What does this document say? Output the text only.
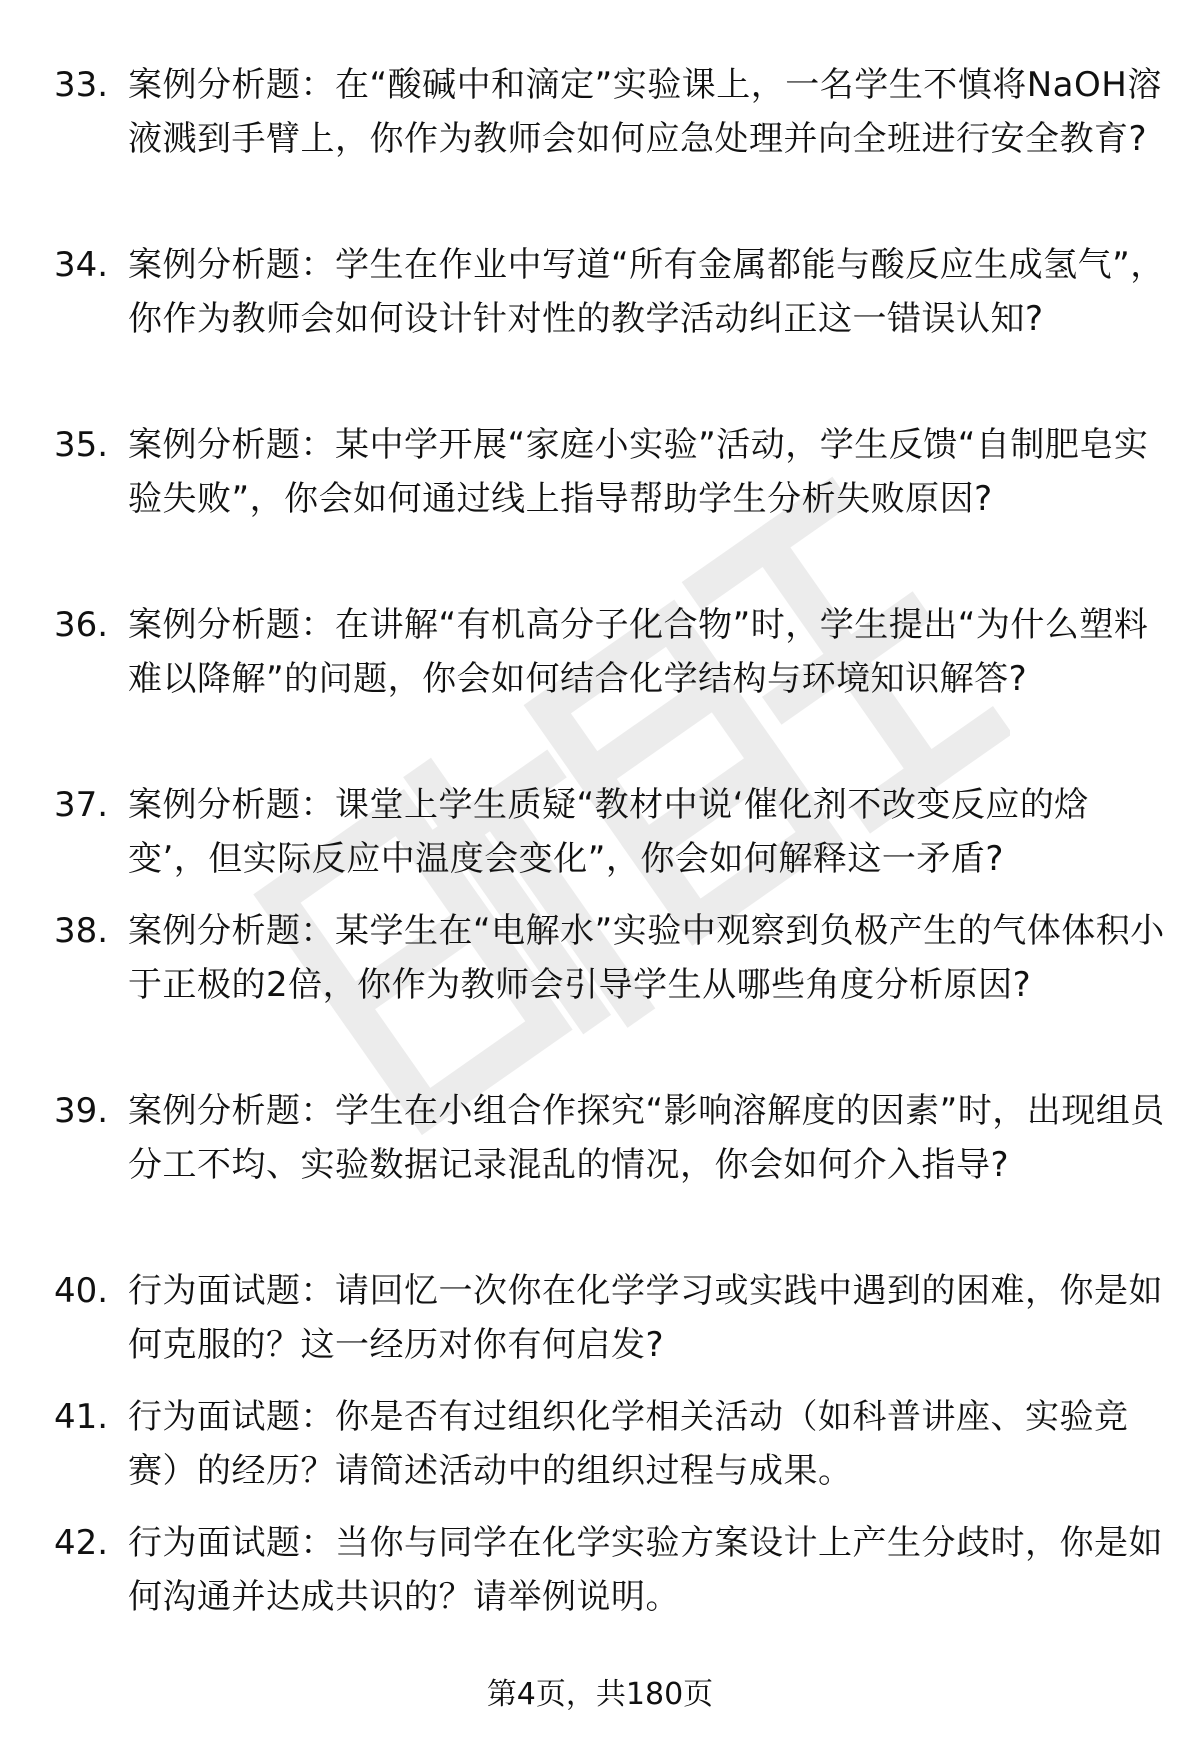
33. 案例分析题：在“酸碱中和滴定”实验课上，一名学生不慎将NaOH溶液溅到手臂上，你作为教师会如何应急处理并向全班进行安全教育?
34. 案例分析题：学生在作业中写道“所有金属都能与酸反应生成氢气”，你作为教师会如何设计针对性的教学活动纠正这一错误认知?
35. 案例分析题：某中学开展“家庭小实验”活动，学生反馈“自制肥皂实验失败”，你会如何通过线上指导帮助学生分析失败原因?
36. 案例分析题：在讲解“有机高分子化合物”时，学生提出“为什么塑料难以降解”的问题，你会如何结合化学结构与环境知识解答?
37. 案例分析题：课堂上学生质疑“教材中说‘催化剂不改变反应的焓变’，但实际反应中温度会变化”，你会如何解释这一矛盾?
38. 案例分析题：某学生在“电解水”实验中观察到负极产生的气体体积小于正极的2倍，你作为教师会引导学生从哪些角度分析原因?
39. 案例分析题：学生在小组合作探究“影响溶解度的因素”时，出现组员分工不均、实验数据记录混乱的情况，你会如何介入指导?
40. 行为面试题：请回忆一次你在化学学习或实践中遇到的困难，你是如何克服的？这一经历对你有何启发?
41. 行为面试题：你是否有过组织化学相关活动（如科普讲座、实验竞赛）的经历？请简述活动中的组织过程与成果。
42. 行为面试题：当你与同学在化学实验方案设计上产生分歧时，你是如何沟通并达成共识的？请举例说明。
第4页，共180页
